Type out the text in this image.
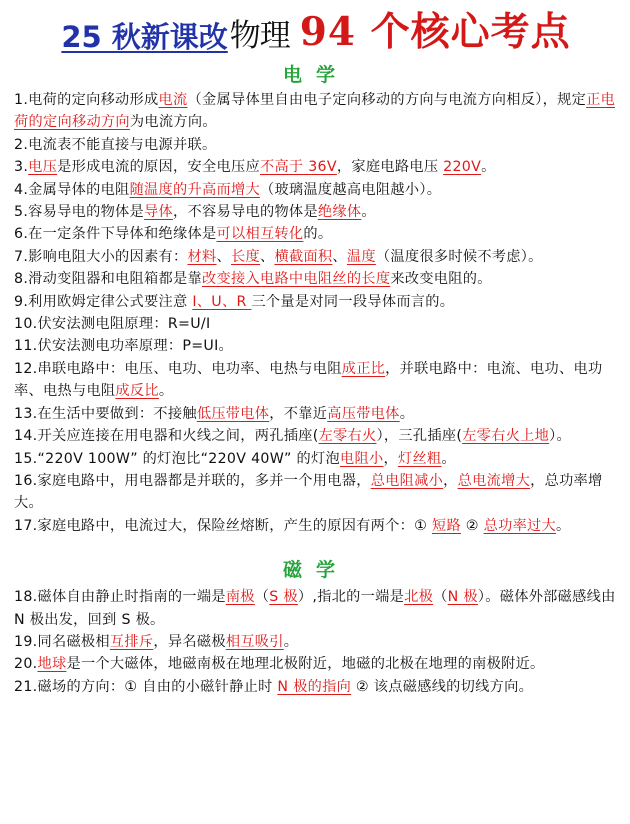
25 秋新课改 物理 94 个核心考点
电学

1.电荷的定向移动形成电流（金属导体里自由电子定向移动的方向与电流方向相反），规定正电荷的定向移动方向为电流方向。

2.电流表不能直接与电源并联。

3.电压是形成电流的原因，安全电压应不高于 36V，家庭电路电压 220V。

4.金属导体的电阻随温度的升高而增大（玻璃温度越高电阻越小）。

5.容易导电的物体是导体，不容易导电的物体是绝缘体。

6.在一定条件下导体和绝缘体是可以相互转化的。

7.影响电阻大小的因素有：材料、长度、横截面积、温度（温度很多时候不考虑）。

8.滑动变阻器和电阻箱都是靠改变接入电路中电阻丝的长度来改变电阻的。

9.利用欧姆定律公式要注意 I、U、R 三个量是对同一段导体而言的。

10.伏安法测电阻原理：R=U/I

11.伏安法测电功率原理：P=UI。

12.串联电路中：电压、电功、电功率、电热与电阻成正比，并联电路中：电流、电功、电功率、电热与电阻成反比。

13.在生活中要做到：不接触低压带电体，不靠近高压带电体。

14.开关应连接在用电器和火线之间，两孔插座(左零右火），三孔插座(左零右火上地）。

15.“220V 100W” 的灯泡比“220V 40W” 的灯泡电阻小，灯丝粗。

16.家庭电路中，用电器都是并联的，多并一个用电器，总电阻减小，总电流增大，总功率增大。

17.家庭电路中，电流过大，保险丝熔断，产生的原因有两个：① 短路 ② 总功率过大。

磁学

18.磁体自由静止时指南的一端是南极（S 极）,指北的一端是北极（N 极）。磁体外部磁感线由 N 极出发，回到 S 极。

19.同名磁极相互排斥，异名磁极相互吸引。

20.地球是一个大磁体，地磁南极在地理北极附近，地磁的北极在地理的南极附近。

21.磁场的方向：① 自由的小磁针静止时 N 极的指向 ② 该点磁感线的切线方向。
